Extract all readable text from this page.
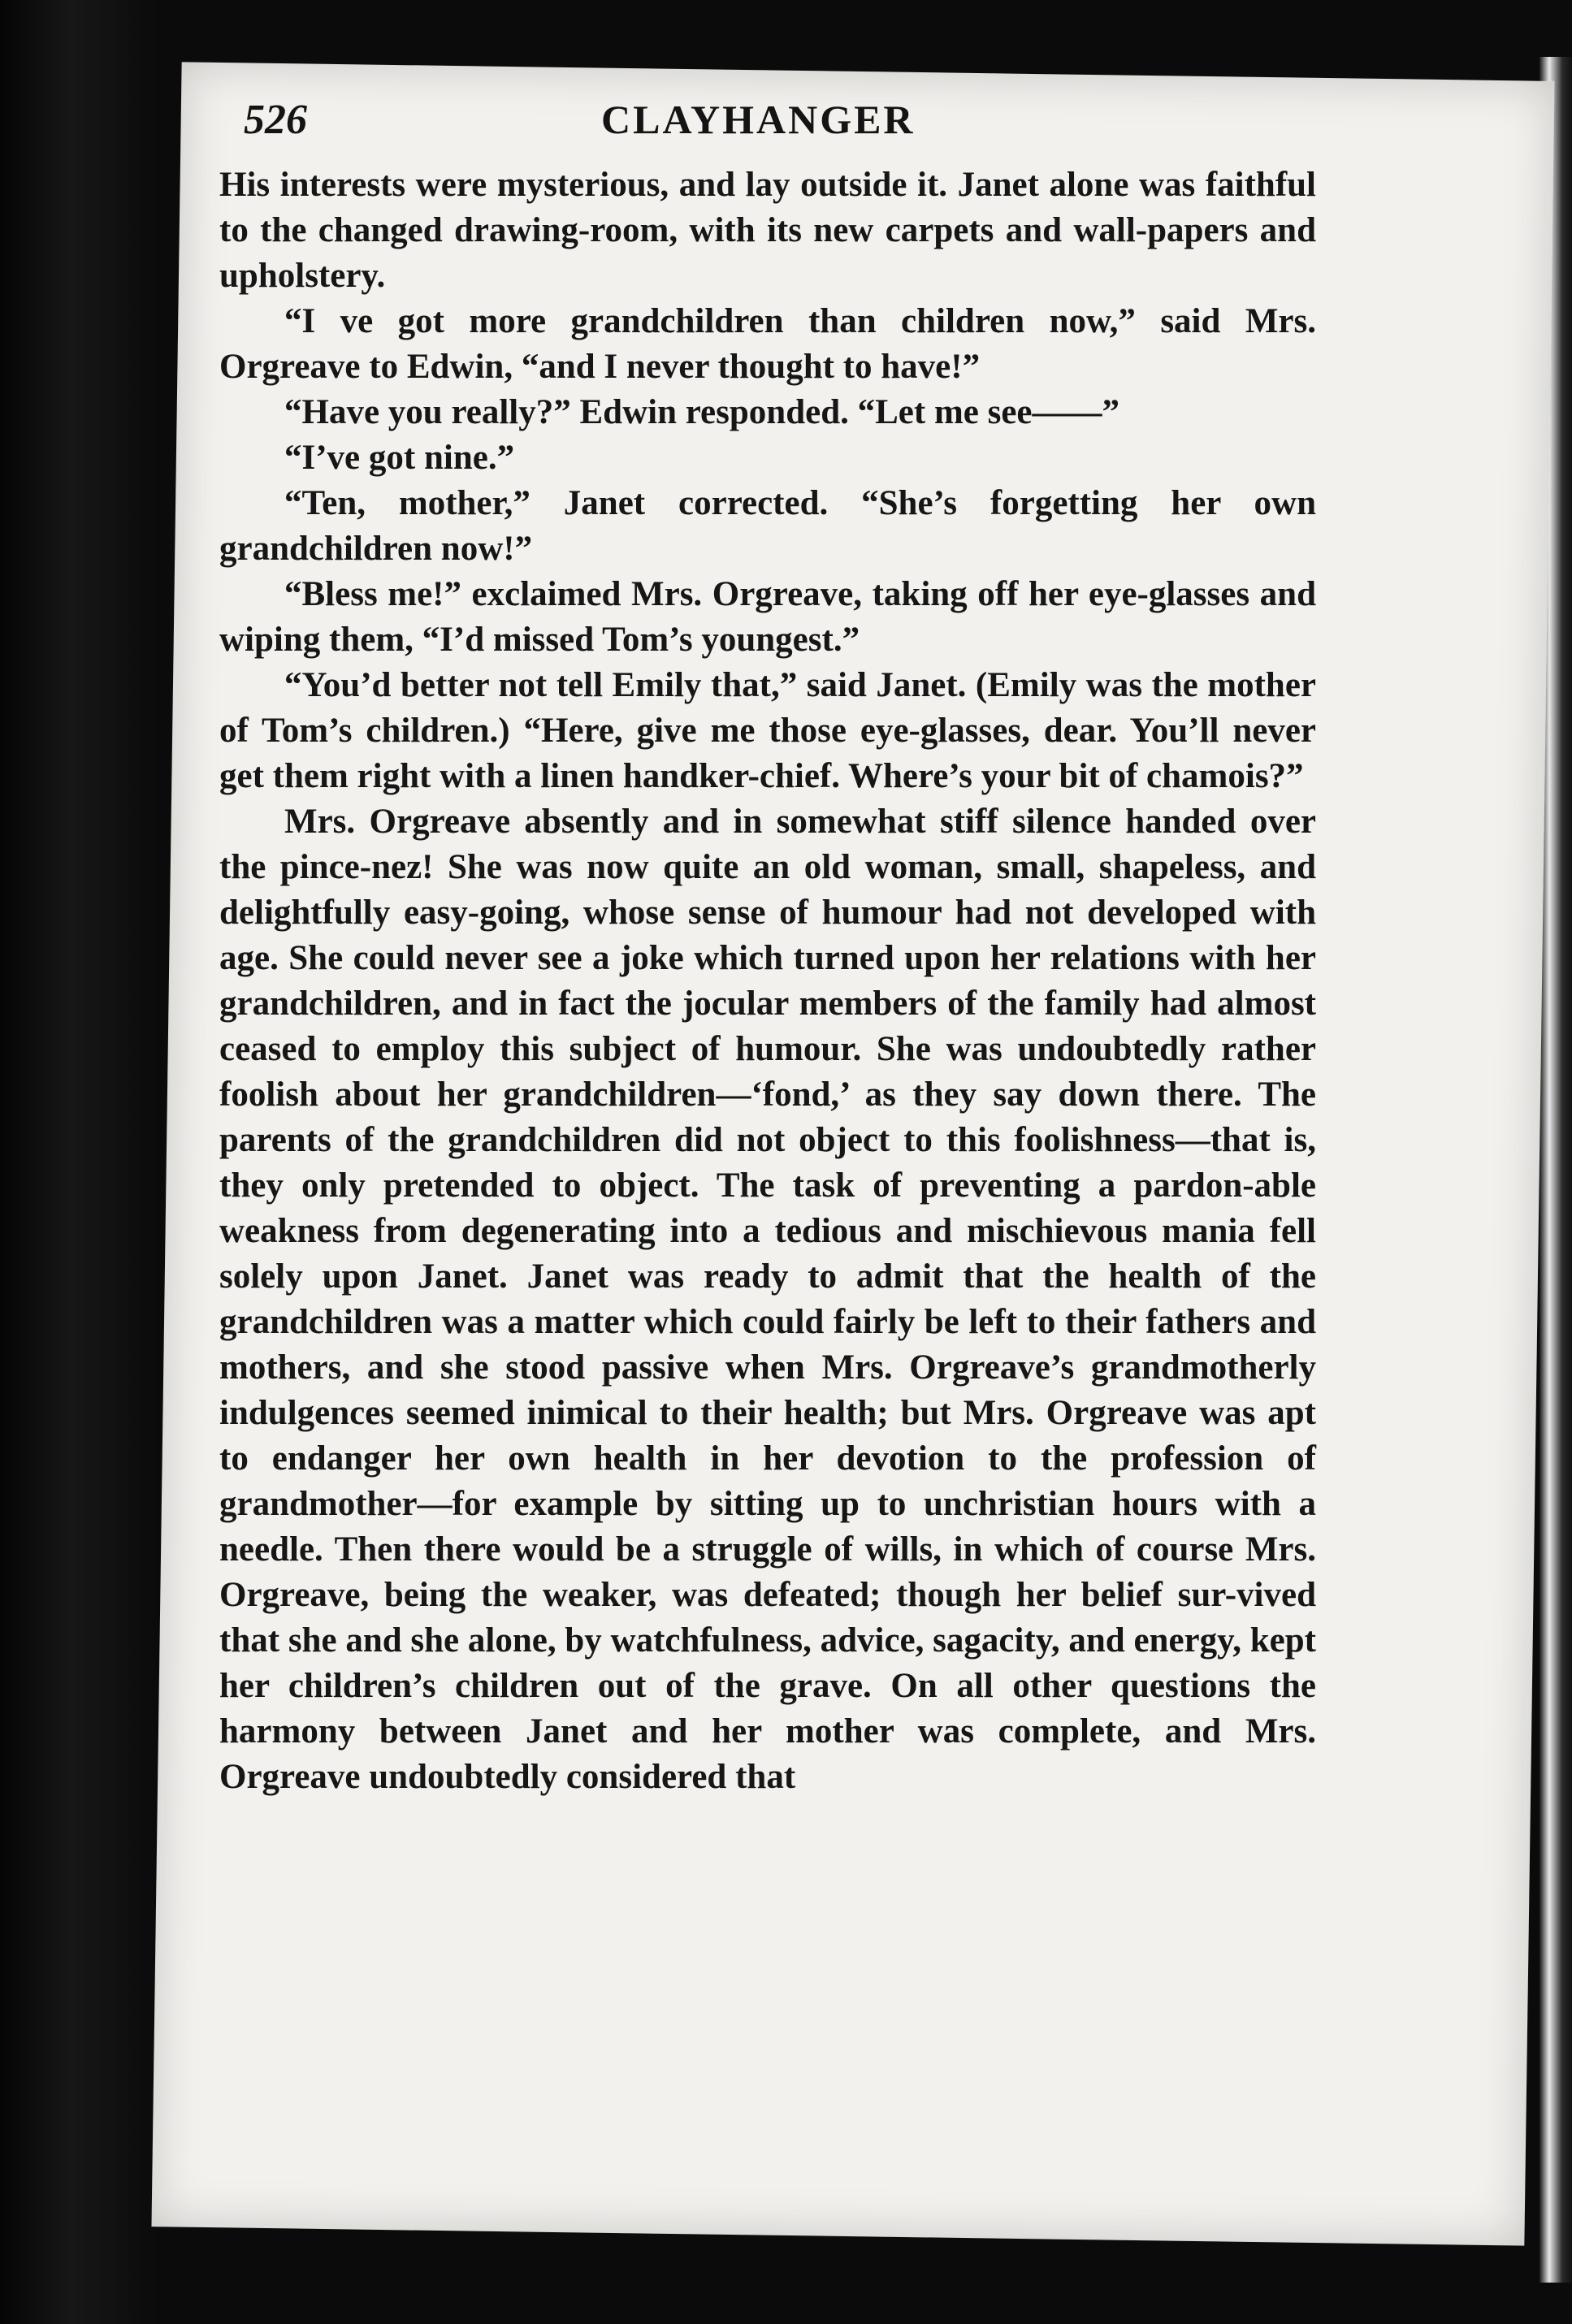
526	CLAYHANGER

His interests were mysterious, and lay outside it. Janet alone was faithful to the changed drawing-room, with its new carpets and wall-papers and upholstery.

“I ve got more grandchildren than children now,” said Mrs. Orgreave to Edwin, “and I never thought to have!”

“Have you really?” Edwin responded. “Let me see——”

“I’ve got nine.”

“Ten, mother,” Janet corrected. “She’s forgetting her own grandchildren now!”

“Bless me!” exclaimed Mrs. Orgreave, taking off her eye-glasses and wiping them, “I’d missed Tom’s youngest.”

“You’d better not tell Emily that,” said Janet. (Emily was the mother of Tom’s children.) “Here, give me those eye-glasses, dear. You’ll never get them right with a linen handker-chief. Where’s your bit of chamois?”

Mrs. Orgreave absently and in somewhat stiff silence handed over the pince-nez! She was now quite an old woman, small, shapeless, and delightfully easy-going, whose sense of humour had not developed with age. She could never see a joke which turned upon her relations with her grandchildren, and in fact the jocular members of the family had almost ceased to employ this subject of humour. She was undoubtedly rather foolish about her grandchildren—‘fond,’ as they say down there. The parents of the grandchildren did not object to this foolishness—that is, they only pretended to object. The task of preventing a pardon-able weakness from degenerating into a tedious and mischievous mania fell solely upon Janet. Janet was ready to admit that the health of the grandchildren was a matter which could fairly be left to their fathers and mothers, and she stood passive when Mrs. Orgreave’s grandmotherly indulgences seemed inimical to their health; but Mrs. Orgreave was apt to endanger her own health in her devotion to the profession of grandmother—for example by sitting up to unchristian hours with a needle. Then there would be a struggle of wills, in which of course Mrs. Orgreave, being the weaker, was defeated; though her belief sur-vived that she and she alone, by watchfulness, advice, sagacity, and energy, kept her children’s children out of the grave. On all other questions the harmony between Janet and her mother was complete, and Mrs. Orgreave undoubtedly considered that
